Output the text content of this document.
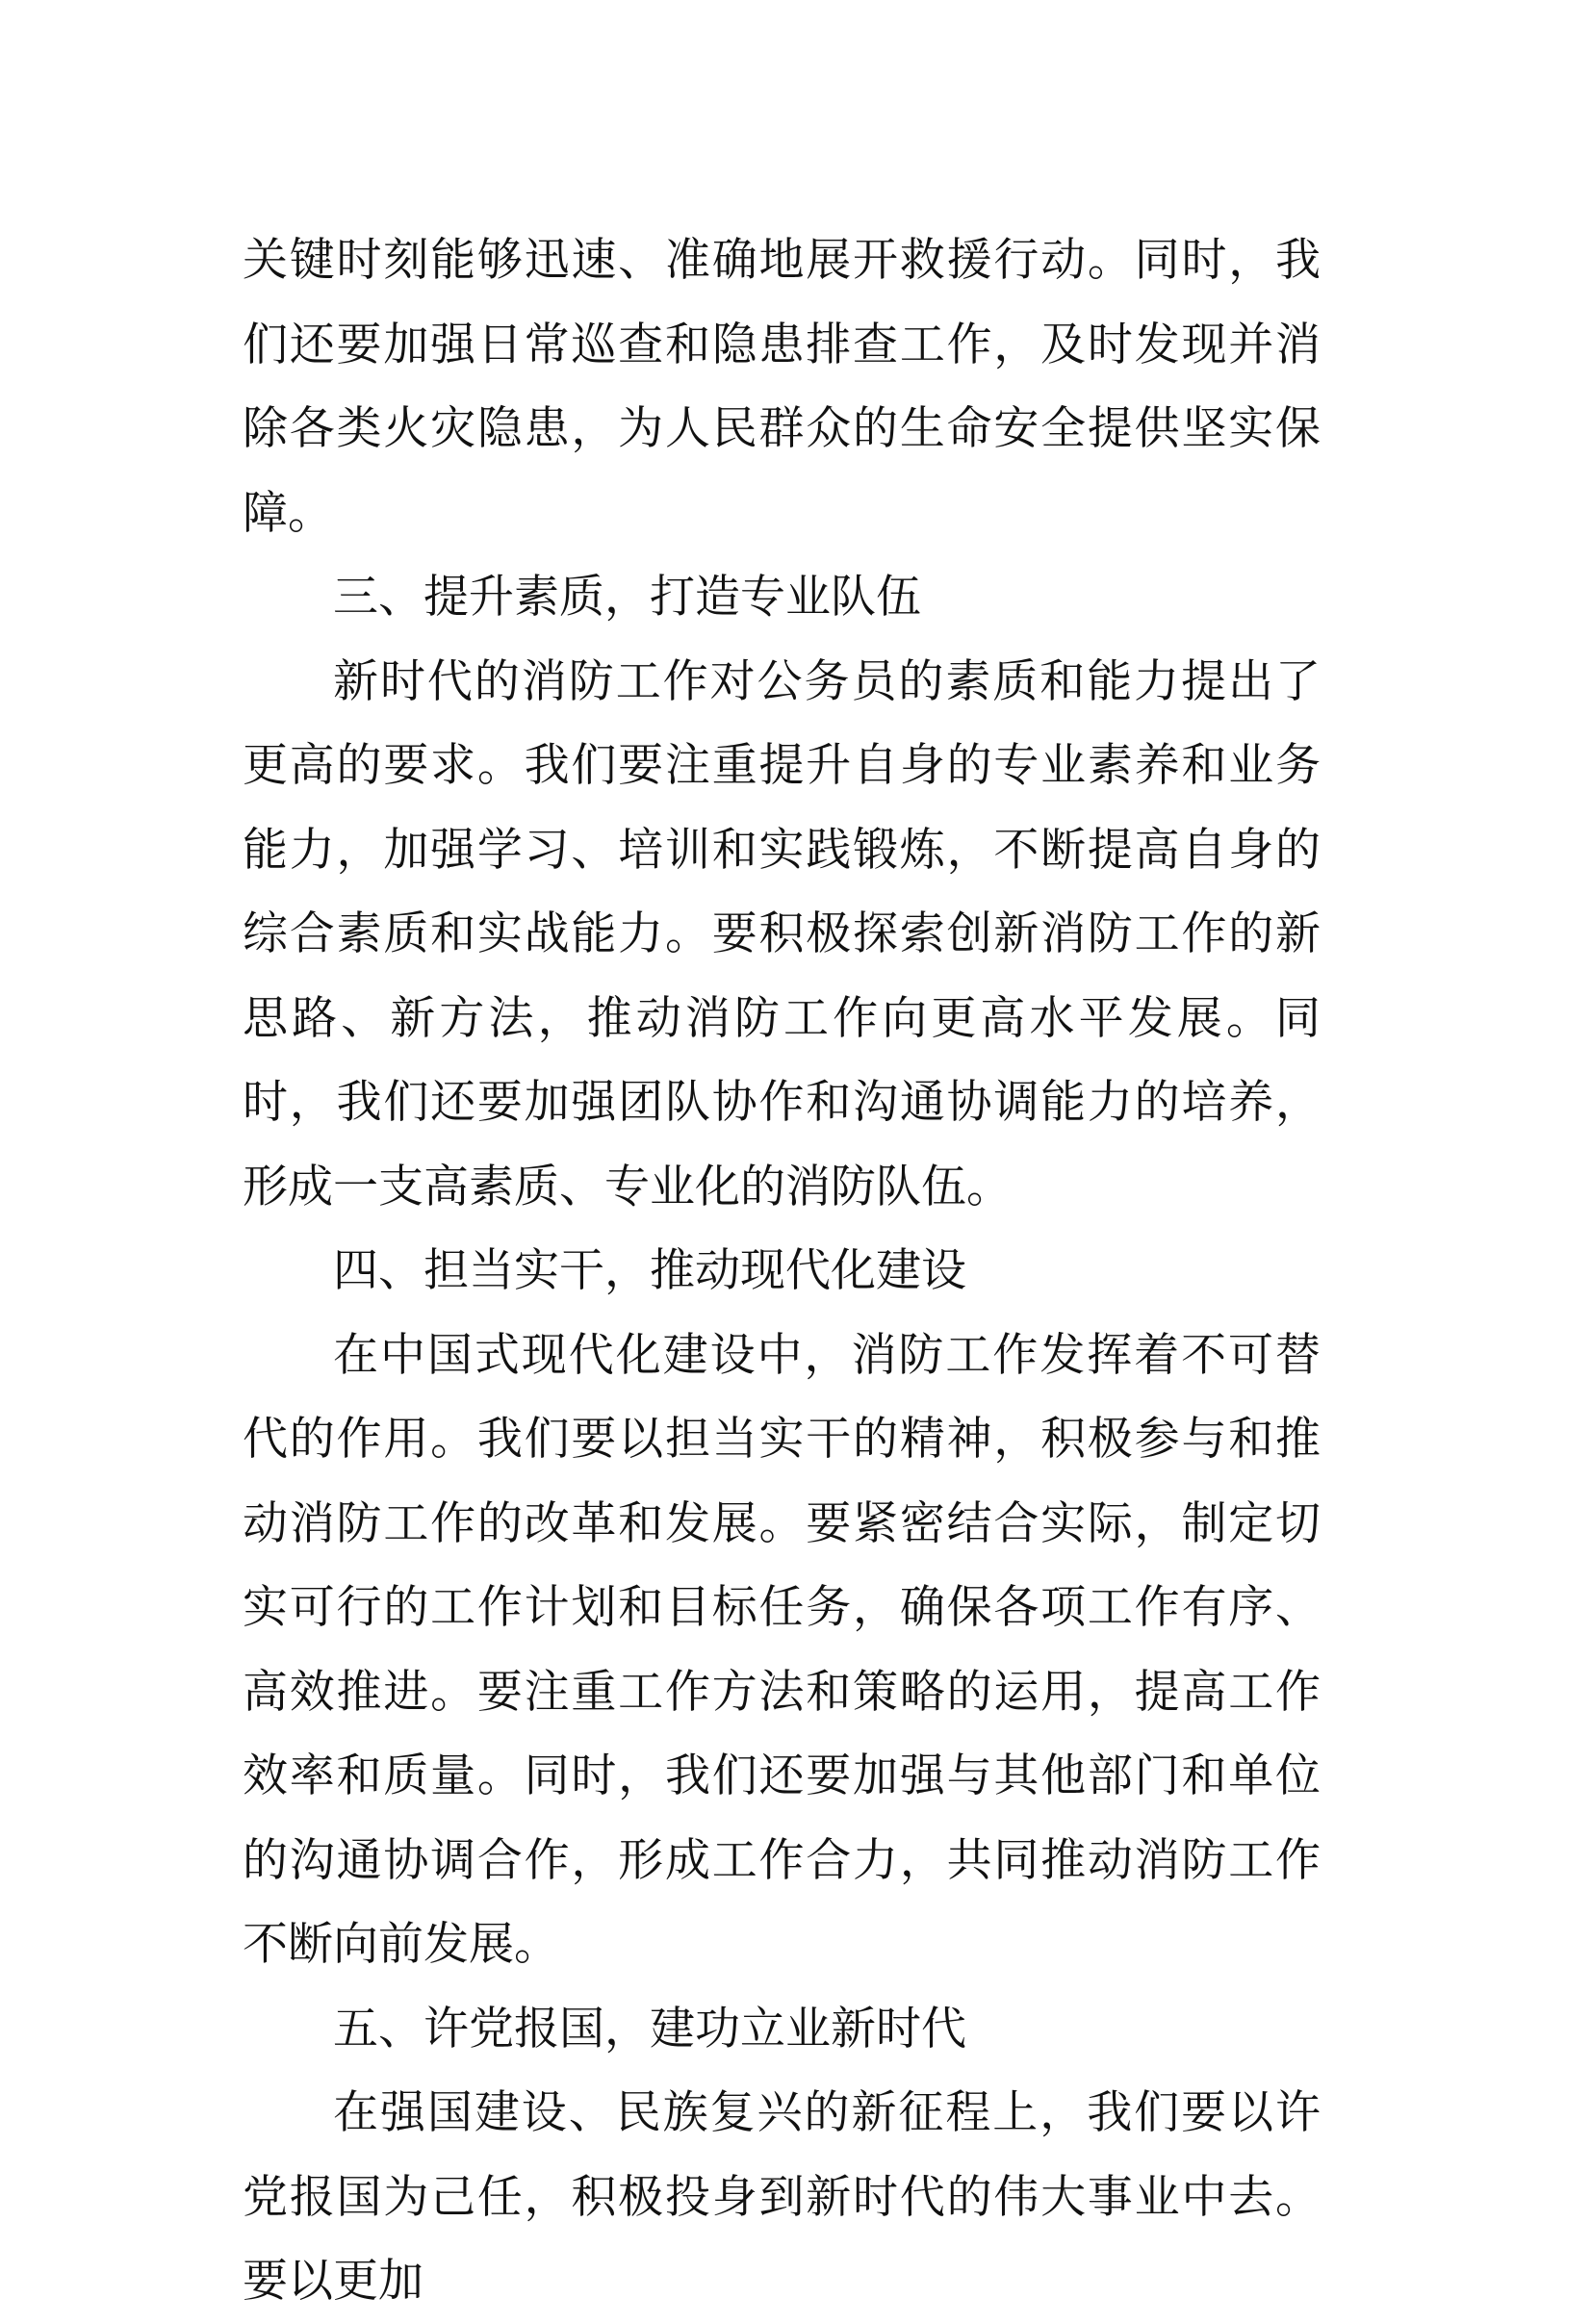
关键时刻能够迅速、准确地展开救援行动。同时，我们还要加强日常巡查和隐患排查工作，及时发现并消除各类火灾隐患，为人民群众的生命安全提供坚实保障。

三、提升素质，打造专业队伍

新时代的消防工作对公务员的素质和能力提出了更高的要求。我们要注重提升自身的专业素养和业务能力，加强学习、培训和实践锻炼，不断提高自身的综合素质和实战能力。要积极探索创新消防工作的新思路、新方法，推动消防工作向更高水平发展。同时，我们还要加强团队协作和沟通协调能力的培养，形成一支高素质、专业化的消防队伍。

四、担当实干，推动现代化建设

在中国式现代化建设中，消防工作发挥着不可替代的作用。我们要以担当实干的精神，积极参与和推动消防工作的改革和发展。要紧密结合实际，制定切实可行的工作计划和目标任务，确保各项工作有序、高效推进。要注重工作方法和策略的运用，提高工作效率和质量。同时，我们还要加强与其他部门和单位的沟通协调合作，形成工作合力，共同推动消防工作不断向前发展。

五、许党报国，建功立业新时代

在强国建设、民族复兴的新征程上，我们要以许党报国为己任，积极投身到新时代的伟大事业中去。要以更加
